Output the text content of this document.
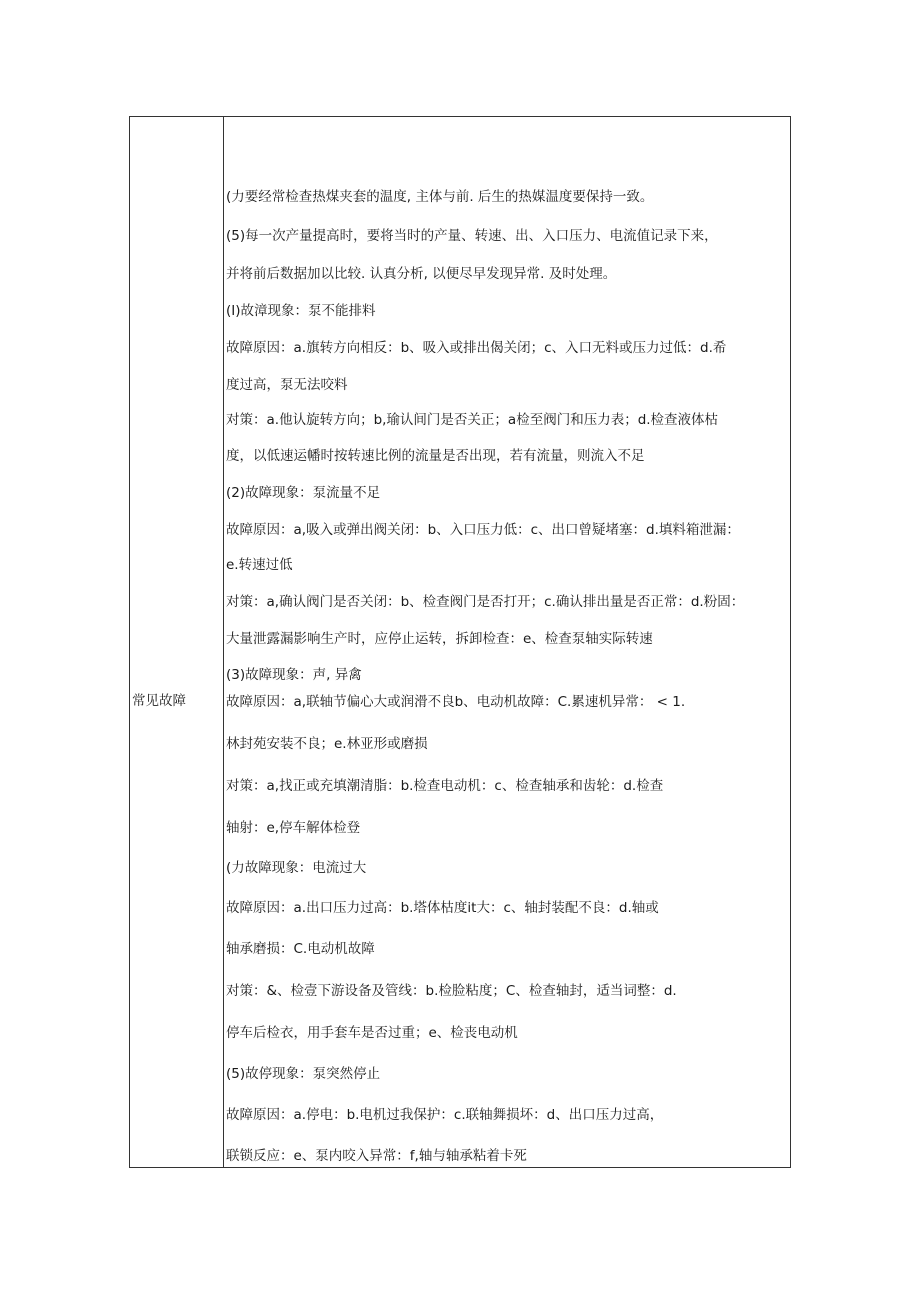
常见故障
(力要经常检查热煤夹套的温度, 主体与前. 后生的热媒温度要保持一致。
(5)每一次产量提高时，要将当时的产量、转速、出、入口压力、电流值记录下来，
并将前后数据加以比较. 认真分析, 以便尽早发现异常. 及时处理。
(I)故漳现象：泵不能排料
故障原因：a.旗转方向相反：b、吸入或排出偈关闭；c、入口无料或压力过低：d.希
度过高，泵无法咬料
对策：a.他认旋转方向；b,瑜认间门是否关正；a检至阀门和压力表；d.检查液体枯
度，以低速运幡时按转速比例的流量是否出现，若有流量，则流入不足
(2)故障现象：泵流量不足
故障原因：a,吸入或弹出阀关闭：b、入口压力低：c、出口曾疑堵塞：d.填料箱泄漏：
e.转速过低
对策：a,确认阀门是否关闭：b、检查阀门是否打开；c.确认排出量是否正常：d.粉固：
大量泄露漏影响生产时，应停止运转，拆卸检查：e、检查泵轴实际转速
(3)故障现象：声, 异禽
故障原因：a,联轴节偏心大或润滑不良b、电动机故障：C.累速机异常： < 1.
林封苑安装不良；e.林亚形或磨损
对策：a,找正或充填潮清脂：b.检查电动机：c、检查轴承和齿轮：d.检查
轴射：e,停车解体检登
(力故障现象：电流过大
故障原因：a.出口压力过高：b.塔体枯度it大：c、轴封装配不良：d.轴或
轴承磨损：C.电动机故障
对策：&、检壹下游设备及管线：b.检脸粘度；C、检查轴封，适当词整：d.
停车后检衣，用手套车是否过重；e、检丧电动机
(5)故停现象：泵突然停止
故障原因：a.停电：b.电机过我保护：c.联轴舞损坏：d、出口压力过高，
联锁反应：e、泵内咬入异常：f,轴与轴承粘着卡死
